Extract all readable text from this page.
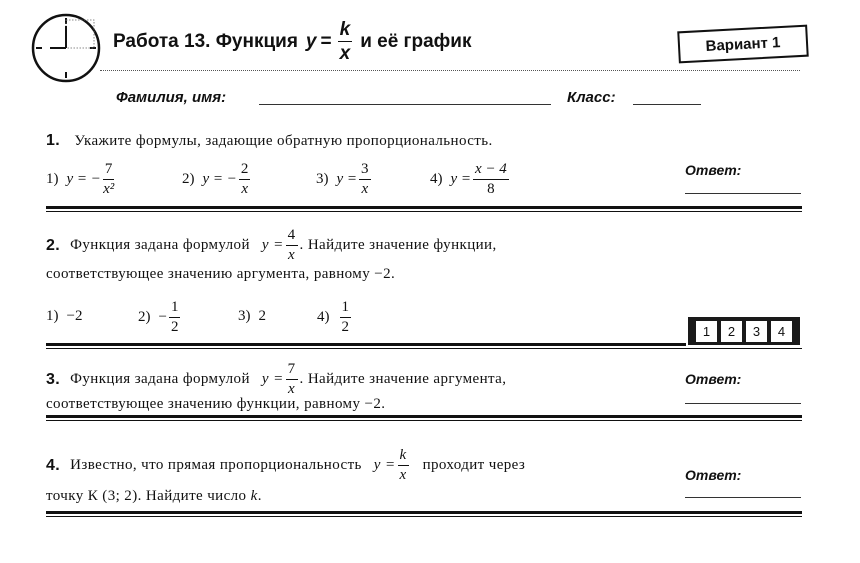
Работа 13. Функция $y = \frac{k}{x}$ и её график	Вариант 1
Фамилия, имя:	Класс:
1. Укажите формулы, задающие обратную пропорциональность.
1) y = − $\frac{7}{\text{x²}}$	2) y = − $\frac{2}{x}$	3) $y = \frac{3}{x}$	4) $y = \frac{x - 4}{8}$	Ответ:
2. Функция задана формулой $y = \frac{4}{x}$ . Найдите значение функции,
соответствующее значению аргумента, равному −2.
1) −2	$2) - \frac{1}{2}$	3) 2	$4) \frac{1}{2}$	1	2	3	4
3. Функция задана формулой $y = \frac{7}{x}$ . Найдите значение аргумента,
соответствующее значению функции, равному −2.
Ответ:
4. Известно, что прямая пропорциональность $y = \frac{k}{x}$ проходит через
точку К (3; 2). Найдите число k.
Ответ:
